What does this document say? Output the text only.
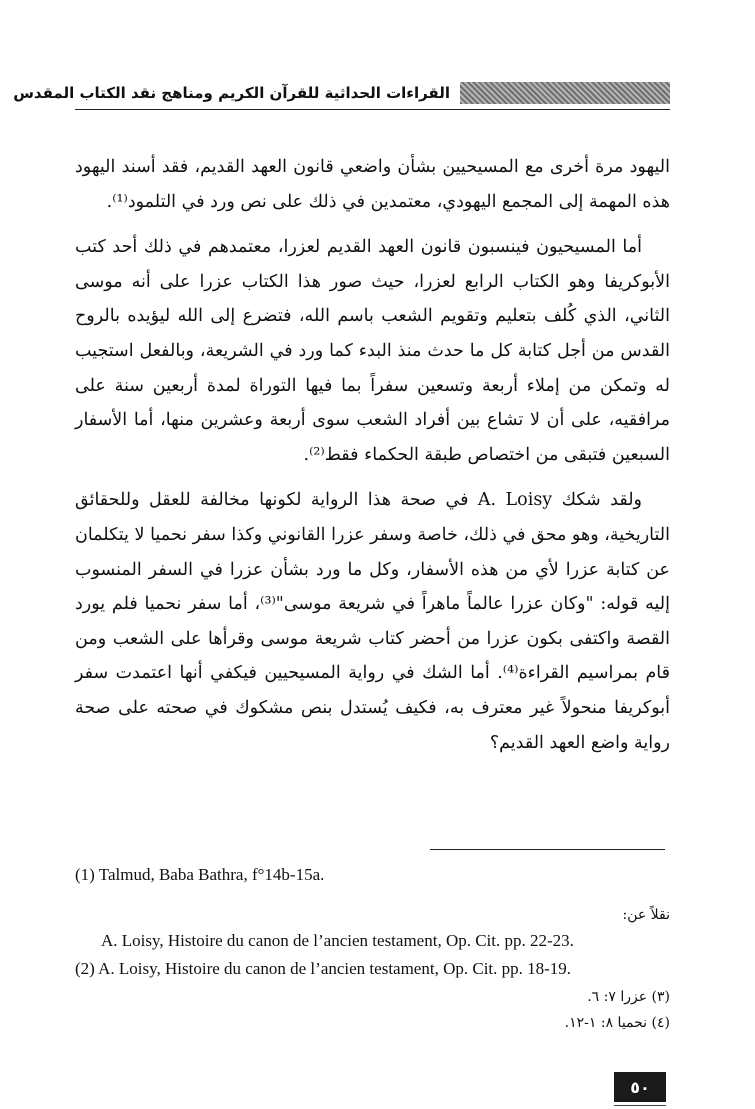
القراءات الحداثية للقرآن الكريم ومناهج نقد الكتاب المقدس

اليهود مرة أخرى مع المسيحيين بشأن واضعي قانون العهد القديم، فقد أسند اليهود هذه المهمة إلى المجمع اليهودي، معتمدين في ذلك على نص ورد في التلمود⁽¹⁾.

أما المسيحيون فينسبون قانون العهد القديم لعزرا، معتمدهم في ذلك أحد كتب الأبوكريفا وهو الكتاب الرابع لعزرا، حيث صور هذا الكتاب عزرا على أنه موسى الثاني، الذي كُلف بتعليم وتقويم الشعب باسم الله، فتضرع إلى الله ليؤيده بالروح القدس من أجل كتابة كل ما حدث منذ البدء كما ورد في الشريعة، وبالفعل استجيب له وتمكن من إملاء أربعة وتسعين سفراً بما فيها التوراة لمدة أربعين سنة على مرافقيه، على أن لا تشاع بين أفراد الشعب سوى أربعة وعشرين منها، أما الأسفار السبعين فتبقى من اختصاص طبقة الحكماء فقط⁽²⁾.

ولقد شكك A. Loisy في صحة هذا الرواية لكونها مخالفة للعقل وللحقائق التاريخية، وهو محق في ذلك، خاصة وسفر عزرا القانوني وكذا سفر نحميا لا يتكلمان عن كتابة عزرا لأي من هذه الأسفار، وكل ما ورد بشأن عزرا في السفر المنسوب إليه قوله: "وكان عزرا عالماً ماهراً في شريعة موسى"⁽³⁾، أما سفر نحميا فلم يورد القصة واكتفى بكون عزرا من أحضر كتاب شريعة موسى وقرأها على الشعب ومن قام بمراسيم القراءة⁽⁴⁾. أما الشك في رواية المسيحيين فيكفي أنها اعتمدت سفر أبوكريفا منحولاً غير معترف به، فكيف يُستدل بنص مشكوك في صحته على صحة رواية واضع العهد القديم؟

(1) Talmud, Baba Bathra, f°14b-15a.

نقلاً عن:

A. Loisy, Histoire du canon de l’ancien testament, Op. Cit. pp. 22-23.

(2) A. Loisy, Histoire du canon de l’ancien testament, Op. Cit. pp. 18-19.

(٣) عزرا ٧: ٦.

(٤) نحميا ٨: ١-١٢.

٥٠
